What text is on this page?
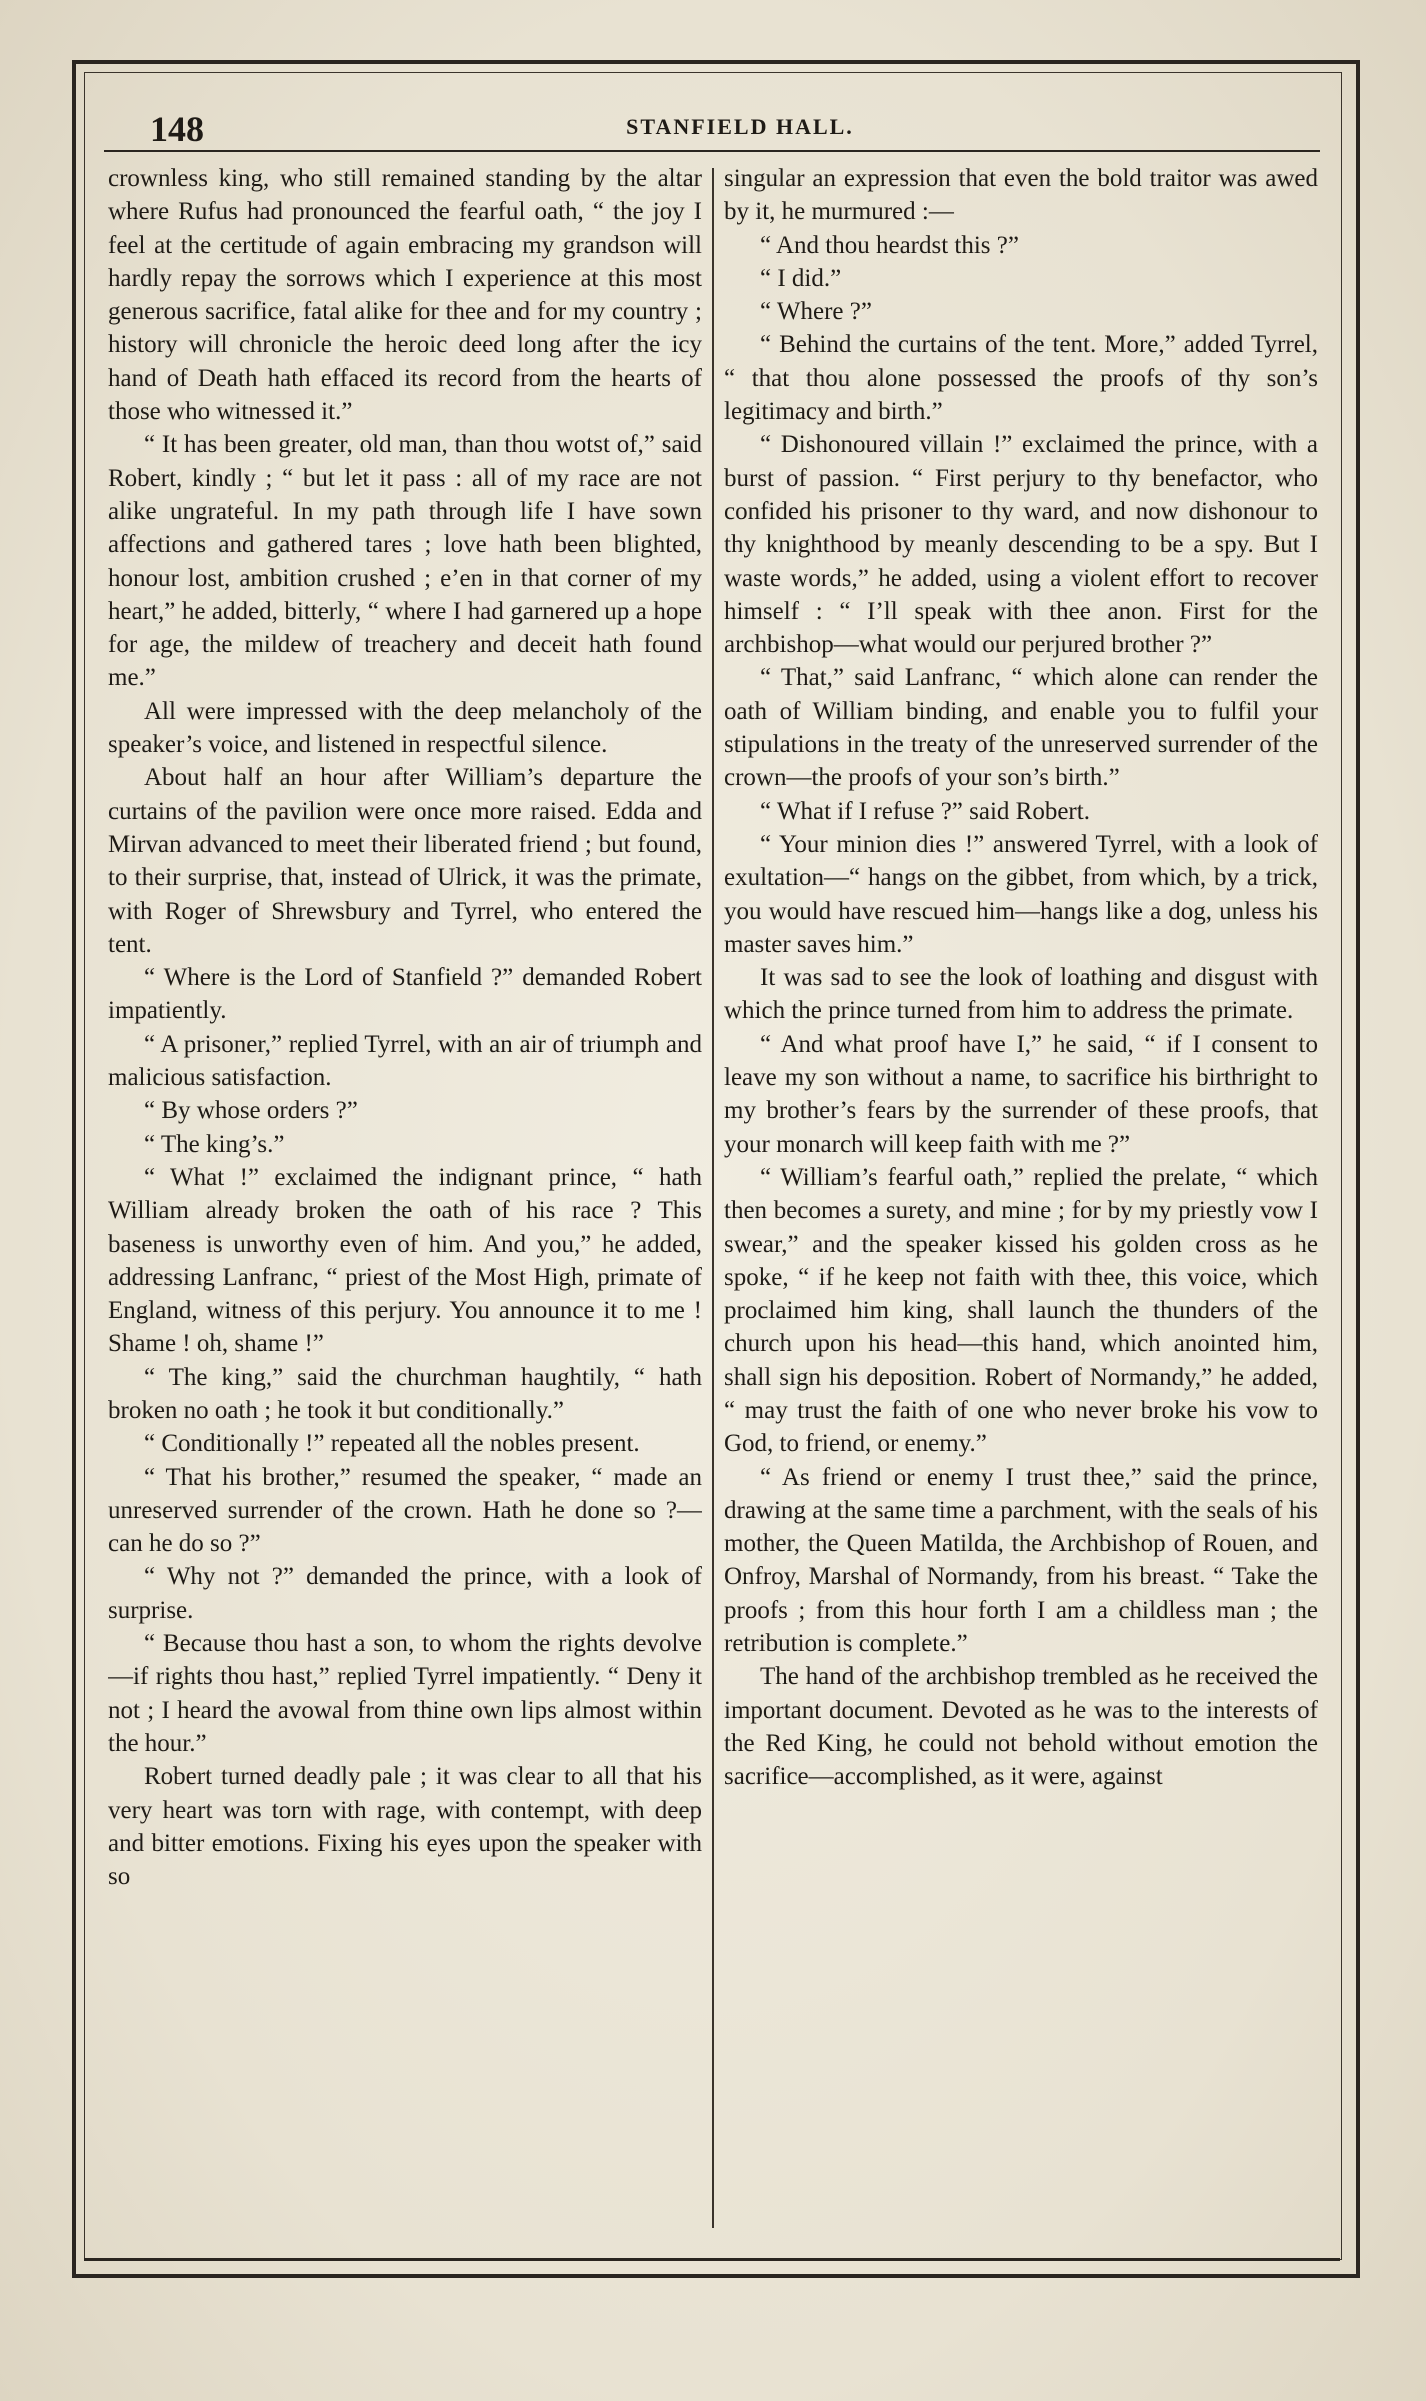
148	STANFIELD HALL.

crownless king, who still remained standing by the altar where Rufus had pronounced the fearful oath, “ the joy I feel at the certitude of again embracing my grandson will hardly repay the sorrows which I experience at this most generous sacrifice, fatal alike for thee and for my country ; history will chronicle the heroic deed long after the icy hand of Death hath effaced its record from the hearts of those who witnessed it.”

“ It has been greater, old man, than thou wotst of,” said Robert, kindly ; “ but let it pass : all of my race are not alike ungrateful. In my path through life I have sown affections and gathered tares ; love hath been blighted, honour lost, ambition crushed ; e’en in that corner of my heart,” he added, bitterly, “ where I had garnered up a hope for age, the mildew of treachery and deceit hath found me.”

All were impressed with the deep melancholy of the speaker’s voice, and listened in respectful silence.

About half an hour after William’s departure the curtains of the pavilion were once more raised. Edda and Mirvan advanced to meet their liberated friend ; but found, to their surprise, that, instead of Ulrick, it was the primate, with Roger of Shrewsbury and Tyrrel, who entered the tent.

“ Where is the Lord of Stanfield ?” demanded Robert impatiently.

“ A prisoner,” replied Tyrrel, with an air of triumph and malicious satisfaction.

“ By whose orders ?”

“ The king’s.”

“ What !” exclaimed the indignant prince, “ hath William already broken the oath of his race ? This baseness is unworthy even of him. And you,” he added, addressing Lanfranc, “ priest of the Most High, primate of England, witness of this perjury. You announce it to me ! Shame ! oh, shame !”

“ The king,” said the churchman haughtily, “ hath broken no oath ; he took it but conditionally.”

“ Conditionally !” repeated all the nobles present.

“ That his brother,” resumed the speaker, “ made an unreserved surrender of the crown. Hath he done so ?—can he do so ?”

“ Why not ?” demanded the prince, with a look of surprise.

“ Because thou hast a son, to whom the rights devolve—if rights thou hast,” replied Tyrrel impatiently. “ Deny it not ; I heard the avowal from thine own lips almost within the hour.”

Robert turned deadly pale ; it was clear to all that his very heart was torn with rage, with contempt, with deep and bitter emotions. Fixing his eyes upon the speaker with so

singular an expression that even the bold traitor was awed by it, he murmured :—

“ And thou heardst this ?”

“ I did.”

“ Where ?”

“ Behind the curtains of the tent. More,” added Tyrrel, “ that thou alone possessed the proofs of thy son’s legitimacy and birth.”

“ Dishonoured villain !” exclaimed the prince, with a burst of passion. “ First perjury to thy benefactor, who confided his prisoner to thy ward, and now dishonour to thy knighthood by meanly descending to be a spy. But I waste words,” he added, using a violent effort to recover himself : “ I’ll speak with thee anon. First for the archbishop—what would our perjured brother ?”

“ That,” said Lanfranc, “ which alone can render the oath of William binding, and enable you to fulfil your stipulations in the treaty of the unreserved surrender of the crown—the proofs of your son’s birth.”

“ What if I refuse ?” said Robert.

“ Your minion dies !” answered Tyrrel, with a look of exultation—“ hangs on the gibbet, from which, by a trick, you would have rescued him—hangs like a dog, unless his master saves him.”

It was sad to see the look of loathing and disgust with which the prince turned from him to address the primate.

“ And what proof have I,” he said, “ if I consent to leave my son without a name, to sacrifice his birthright to my brother’s fears by the surrender of these proofs, that your monarch will keep faith with me ?”

“ William’s fearful oath,” replied the prelate, “ which then becomes a surety, and mine ; for by my priestly vow I swear,” and the speaker kissed his golden cross as he spoke, “ if he keep not faith with thee, this voice, which proclaimed him king, shall launch the thunders of the church upon his head—this hand, which anointed him, shall sign his deposition. Robert of Normandy,” he added, “ may trust the faith of one who never broke his vow to God, to friend, or enemy.”

“ As friend or enemy I trust thee,” said the prince, drawing at the same time a parchment, with the seals of his mother, the Queen Matilda, the Archbishop of Rouen, and Onfroy, Marshal of Normandy, from his breast. “ Take the proofs ; from this hour forth I am a childless man ; the retribution is complete.”

The hand of the archbishop trembled as he received the important document. Devoted as he was to the interests of the Red King, he could not behold without emotion the sacrifice—accomplished, as it were, against
